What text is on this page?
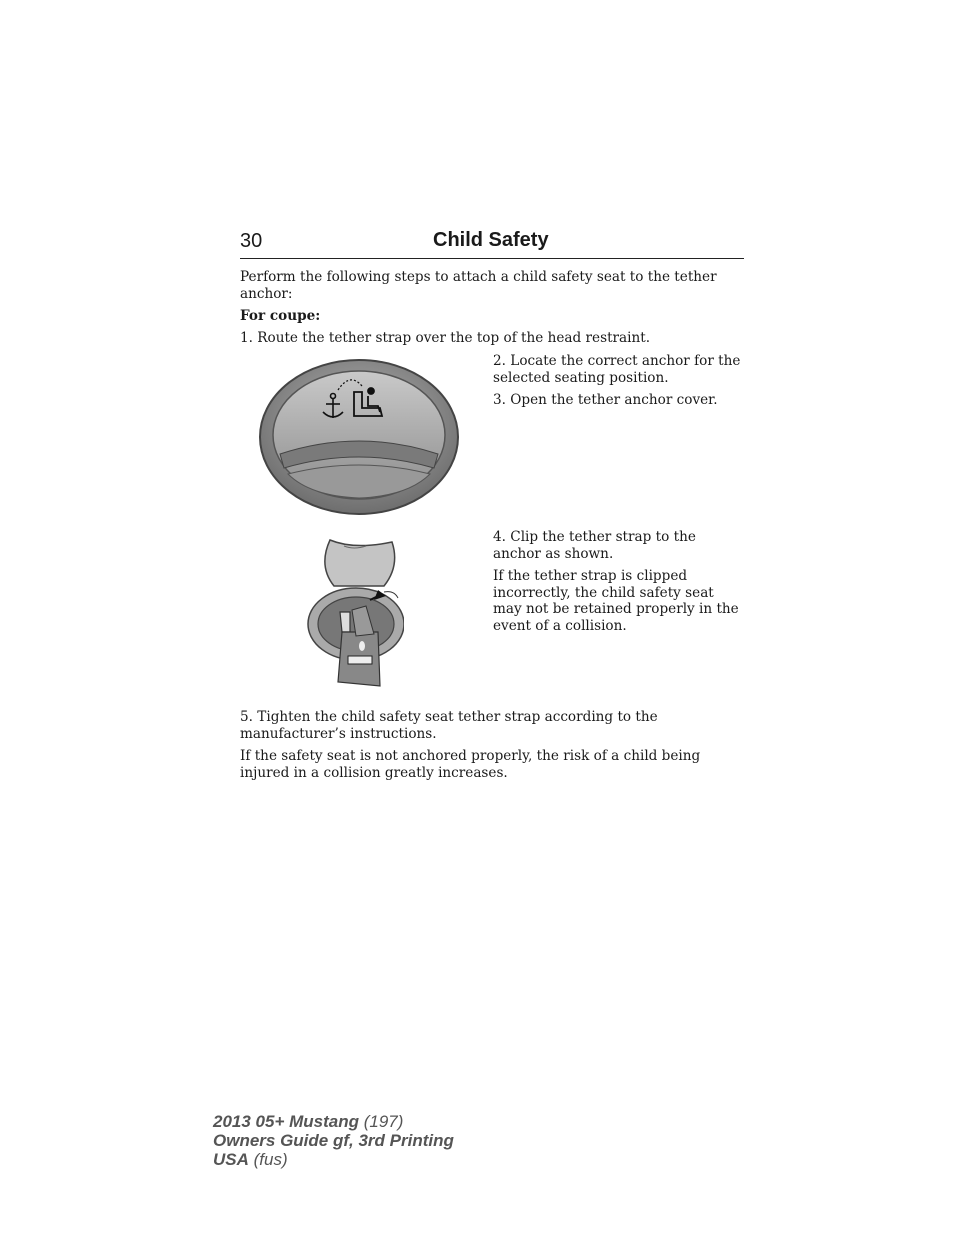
30	Child Safety

Perform the following steps to attach a child safety seat to the tether anchor:

For coupe:

1. Route the tether strap over the top of the head restraint.

2. Locate the correct anchor for the selected seating position.

3. Open the tether anchor cover.

4. Clip the tether strap to the anchor as shown.

If the tether strap is clipped incorrectly, the child safety seat may not be retained properly in the event of a collision.

5. Tighten the child safety seat tether strap according to the manufacturer’s instructions.

If the safety seat is not anchored properly, the risk of a child being injured in a collision greatly increases.

2013 05+ Mustang (197)
Owners Guide gf, 3rd Printing
USA (fus)
